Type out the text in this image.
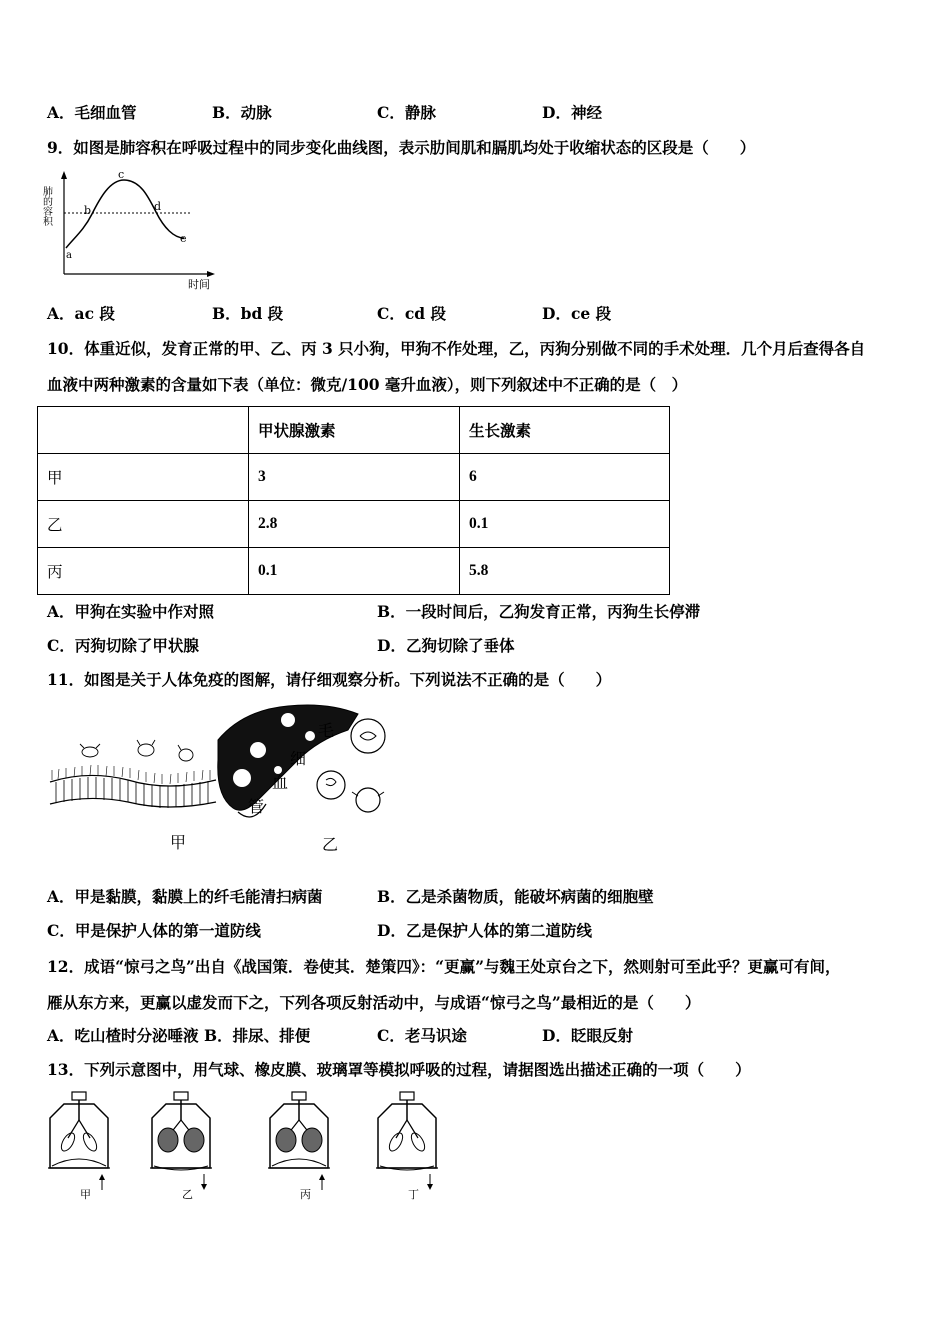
A．毛细血管	B．动脉	C．静脉	D．神经
9．如图是肺容积在呼吸过程中的同步变化曲线图，表示肋间肌和膈肌均处于收缩状态的区段是（　　）
肺的容积
a
b
c
d
e
时间
A．ac 段	B．bd 段	C．cd 段	D．ce 段
10．体重近似，发育正常的甲、乙、丙 3 只小狗，甲狗不作处理，乙，丙狗分别做不同的手术处理．几个月后查得各自
血液中两种激素的含量如下表（单位：微克/100 毫升血液），则下列叙述中不正确的是（　）
	甲状腺激素	生长激素
甲	3	6
乙	2.8	0.1
丙	0.1	5.8
A．甲狗在实验中作对照	B．一段时间后，乙狗发育正常，丙狗生长停滞
C．丙狗切除了甲状腺	D．乙狗切除了垂体
11．如图是关于人体免疫的图解，请仔细观察分析。下列说法不正确的是（　　）
毛
细
血
管
甲	乙
A．甲是黏膜，黏膜上的纤毛能清扫病菌	B．乙是杀菌物质，能破坏病菌的细胞壁
C．甲是保护人体的第一道防线	D．乙是保护人体的第二道防线
12．成语“惊弓之鸟”出自《战国策．卷使其．楚策四》：“更赢”与魏王处京台之下，然则射可至此乎？更赢可有间，
雁从东方来，更赢以虚发而下之，下列各项反射活动中，与成语“惊弓之鸟”最相近的是（　　）
A．吃山楂时分泌唾液 B．排尿、排便	C．老马识途	D．眨眼反射
13．下列示意图中，用气球、橡皮膜、玻璃罩等模拟呼吸的过程，请据图选出描述正确的一项（　　）
甲	乙	丙	丁
